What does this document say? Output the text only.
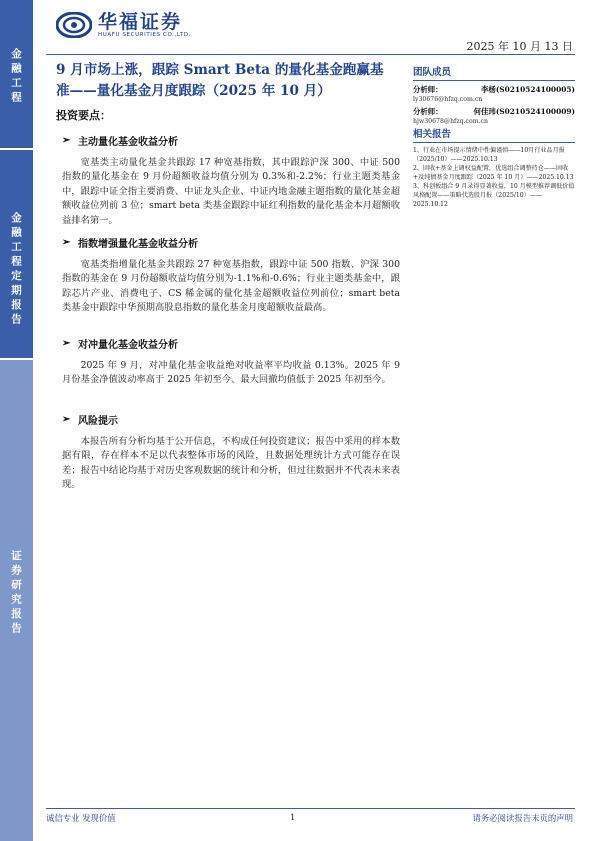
金融工程
金融工程定期报告
证券研究报告
华福证券
HUAFU SECURITIES CO.,LTD.
2025 年 10 月 13 日
9 月市场上涨，跟踪 Smart Beta 的量化基金跑赢基准——量化基金月度跟踪（2025 年 10 月）
投资要点：
➢ 主动量化基金收益分析
宽基类主动量化基金共跟踪 17 种宽基指数，其中跟踪沪深 300、中证 500 指数的量化基金在 9 月份超额收益均值分别为 0.3%和-2.2%；行业主题类基金中，跟踪中证全指主要消费、中证龙头企业、中证内地金融主题指数的量化基金超额收益位列前 3 位；smart beta 类基金跟踪中证红利指数的量化基金本月超额收益排名第一。
➢ 指数增强量化基金收益分析
宽基类指增量化基金共跟踪 27 种宽基指数，跟踪中证 500 指数、沪深 300 指数的基金在 9 月份超额收益均值分别为-1.1%和-0.6%；行业主题类基金中，跟踪芯片产业、消费电子、CS 稀金属的量化基金超额收益位列前位；smart beta 类基金中跟踪中华预期高股息指数的量化基金月度超额收益最高。
➢ 对冲量化基金收益分析
2025 年 9 月，对冲量化基金收益绝对收益率平均收益 0.13%。2025 年 9 月份基金净值波动率高于 2025 年初至今、最大回撤均值低于 2025 年初至今。
➢ 风险提示
本报告所有分析均基于公开信息，不构成任何投资建议；报告中采用的样本数据有限，存在样本不足以代表整体市场的风险，且数据处理统计方式可能存在误差；报告中结论均基于对历史客观数据的统计和分析，但过往数据并不代表未来表现。
团队成员
分析师：	李杨(S0210524100005)
ly30676@hfzq.com.cn
分析师：	何佳玮(S0210524100009)
hjw30678@hfzq.com.cn
相关报告
1、行业在市场提示情绪中性偏谨慎——10月行业品月报（2025/10）——2025.10.13
2、固收+基金上调权益配置，优选组合调整持仓——固收+及纯债基金月度跟踪（2025 年 10 月）——2025.10.13
3、科创板组合 9 月录得显著收益，10 月模型推荐调低价值风格配置——策略代选股月报（2025/10）——2025.10.12
诚信专业 发现价值	1	请务必阅读报告末页的声明
